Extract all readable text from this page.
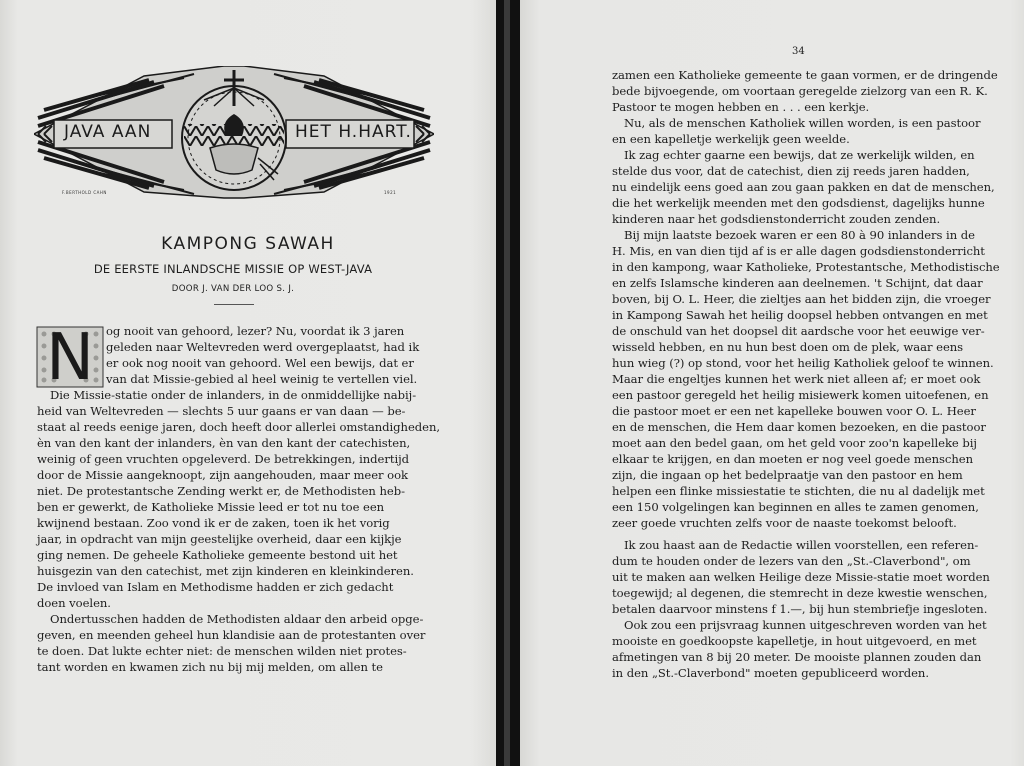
JAVA AAN	HET H.HART.
F.BERTHOLD CAHN	1921
KAMPONG SAWAH
DE EERSTE INLANDSCHE MISSIE OP WEST-JAVA
DOOR J. VAN DER LOO S. J.
N	og nooit van gehoord, lezer? Nu, voordat ik 3 jaren
geleden naar Weltevreden werd overgeplaatst, had ik
er ook nog nooit van gehoord. Wel een bewijs, dat er
van dat Missie-gebied al heel weinig te vertellen viel.
Die Missie-statie onder de inlanders, in de onmiddellijke nabij-
heid van Weltevreden — slechts 5 uur gaans er van daan — be-
staat al reeds eenige jaren, doch heeft door allerlei omstandigheden,
èn van den kant der inlanders, èn van den kant der catechisten,
weinig of geen vruchten opgeleverd. De betrekkingen, indertijd
door de Missie aangeknoopt, zijn aangehouden, maar meer ook
niet. De protestantsche Zending werkt er, de Methodisten heb-
ben er gewerkt, de Katholieke Missie leed er tot nu toe een
kwijnend bestaan. Zoo vond ik er de zaken, toen ik het vorig
jaar, in opdracht van mijn geestelijke overheid, daar een kijkje
ging nemen. De geheele Katholieke gemeente bestond uit het
huisgezin van den catechist, met zijn kinderen en kleinkinderen.
De invloed van Islam en Methodisme hadden er zich gedacht
doen voelen.
Ondertusschen hadden de Methodisten aldaar den arbeid opge-
geven, en meenden geheel hun klandisie aan de protestanten over
te doen. Dat lukte echter niet: de menschen wilden niet protes-
tant worden en kwamen zich nu bij mij melden, om allen te
34
zamen een Katholieke gemeente te gaan vormen, er de dringende
bede bijvoegende, om voortaan geregelde zielzorg van een R. K.
Pastoor te mogen hebben en . . . een kerkje.
Nu, als de menschen Katholiek willen worden, is een pastoor
en een kapelletje werkelijk geen weelde.
Ik zag echter gaarne een bewijs, dat ze werkelijk wilden, en
stelde dus voor, dat de catechist, dien zij reeds jaren hadden,
nu eindelijk eens goed aan zou gaan pakken en dat de menschen,
die het werkelijk meenden met den godsdienst, dagelijks hunne
kinderen naar het godsdienstonderricht zouden zenden.
Bij mijn laatste bezoek waren er een 80 à 90 inlanders in de
H. Mis, en van dien tijd af is er alle dagen godsdienstonderricht
in den kampong, waar Katholieke, Protestantsche, Methodistische
en zelfs Islamsche kinderen aan deelnemen. 't Schijnt, dat daar
boven, bij O. L. Heer, die zieltjes aan het bidden zijn, die vroeger
in Kampong Sawah het heilig doopsel hebben ontvangen en met
de onschuld van het doopsel dit aardsche voor het eeuwige ver-
wisseld hebben, en nu hun best doen om de plek, waar eens
hun wieg (?) op stond, voor het heilig Katholiek geloof te winnen.
Maar die engeltjes kunnen het werk niet alleen af; er moet ook
een pastoor geregeld het heilig misiewerk komen uitoefenen, en
die pastoor moet er een net kapelleke bouwen voor O. L. Heer
en de menschen, die Hem daar komen bezoeken, en die pastoor
moet aan den bedel gaan, om het geld voor zoo'n kapelleke bij
elkaar te krijgen, en dan moeten er nog veel goede menschen
zijn, die ingaan op het bedelpraatje van den pastoor en hem
helpen een flinke missiestatie te stichten, die nu al dadelijk met
een 150 volgelingen kan beginnen en alles te zamen genomen,
zeer goede vruchten zelfs voor de naaste toekomst belooft.
Ik zou haast aan de Redactie willen voorstellen, een referen-
dum te houden onder de lezers van den „St.-Claverbond", om
uit te maken aan welken Heilige deze Missie-statie moet worden
toegewijd; al degenen, die stemrecht in deze kwestie wenschen,
betalen daarvoor minstens f 1.—, bij hun stembriefje ingesloten.
Ook zou een prijsvraag kunnen uitgeschreven worden van het
mooiste en goedkoopste kapelletje, in hout uitgevoerd, en met
afmetingen van 8 bij 20 meter. De mooiste plannen zouden dan
in den „St.-Claverbond" moeten gepubliceerd worden.
